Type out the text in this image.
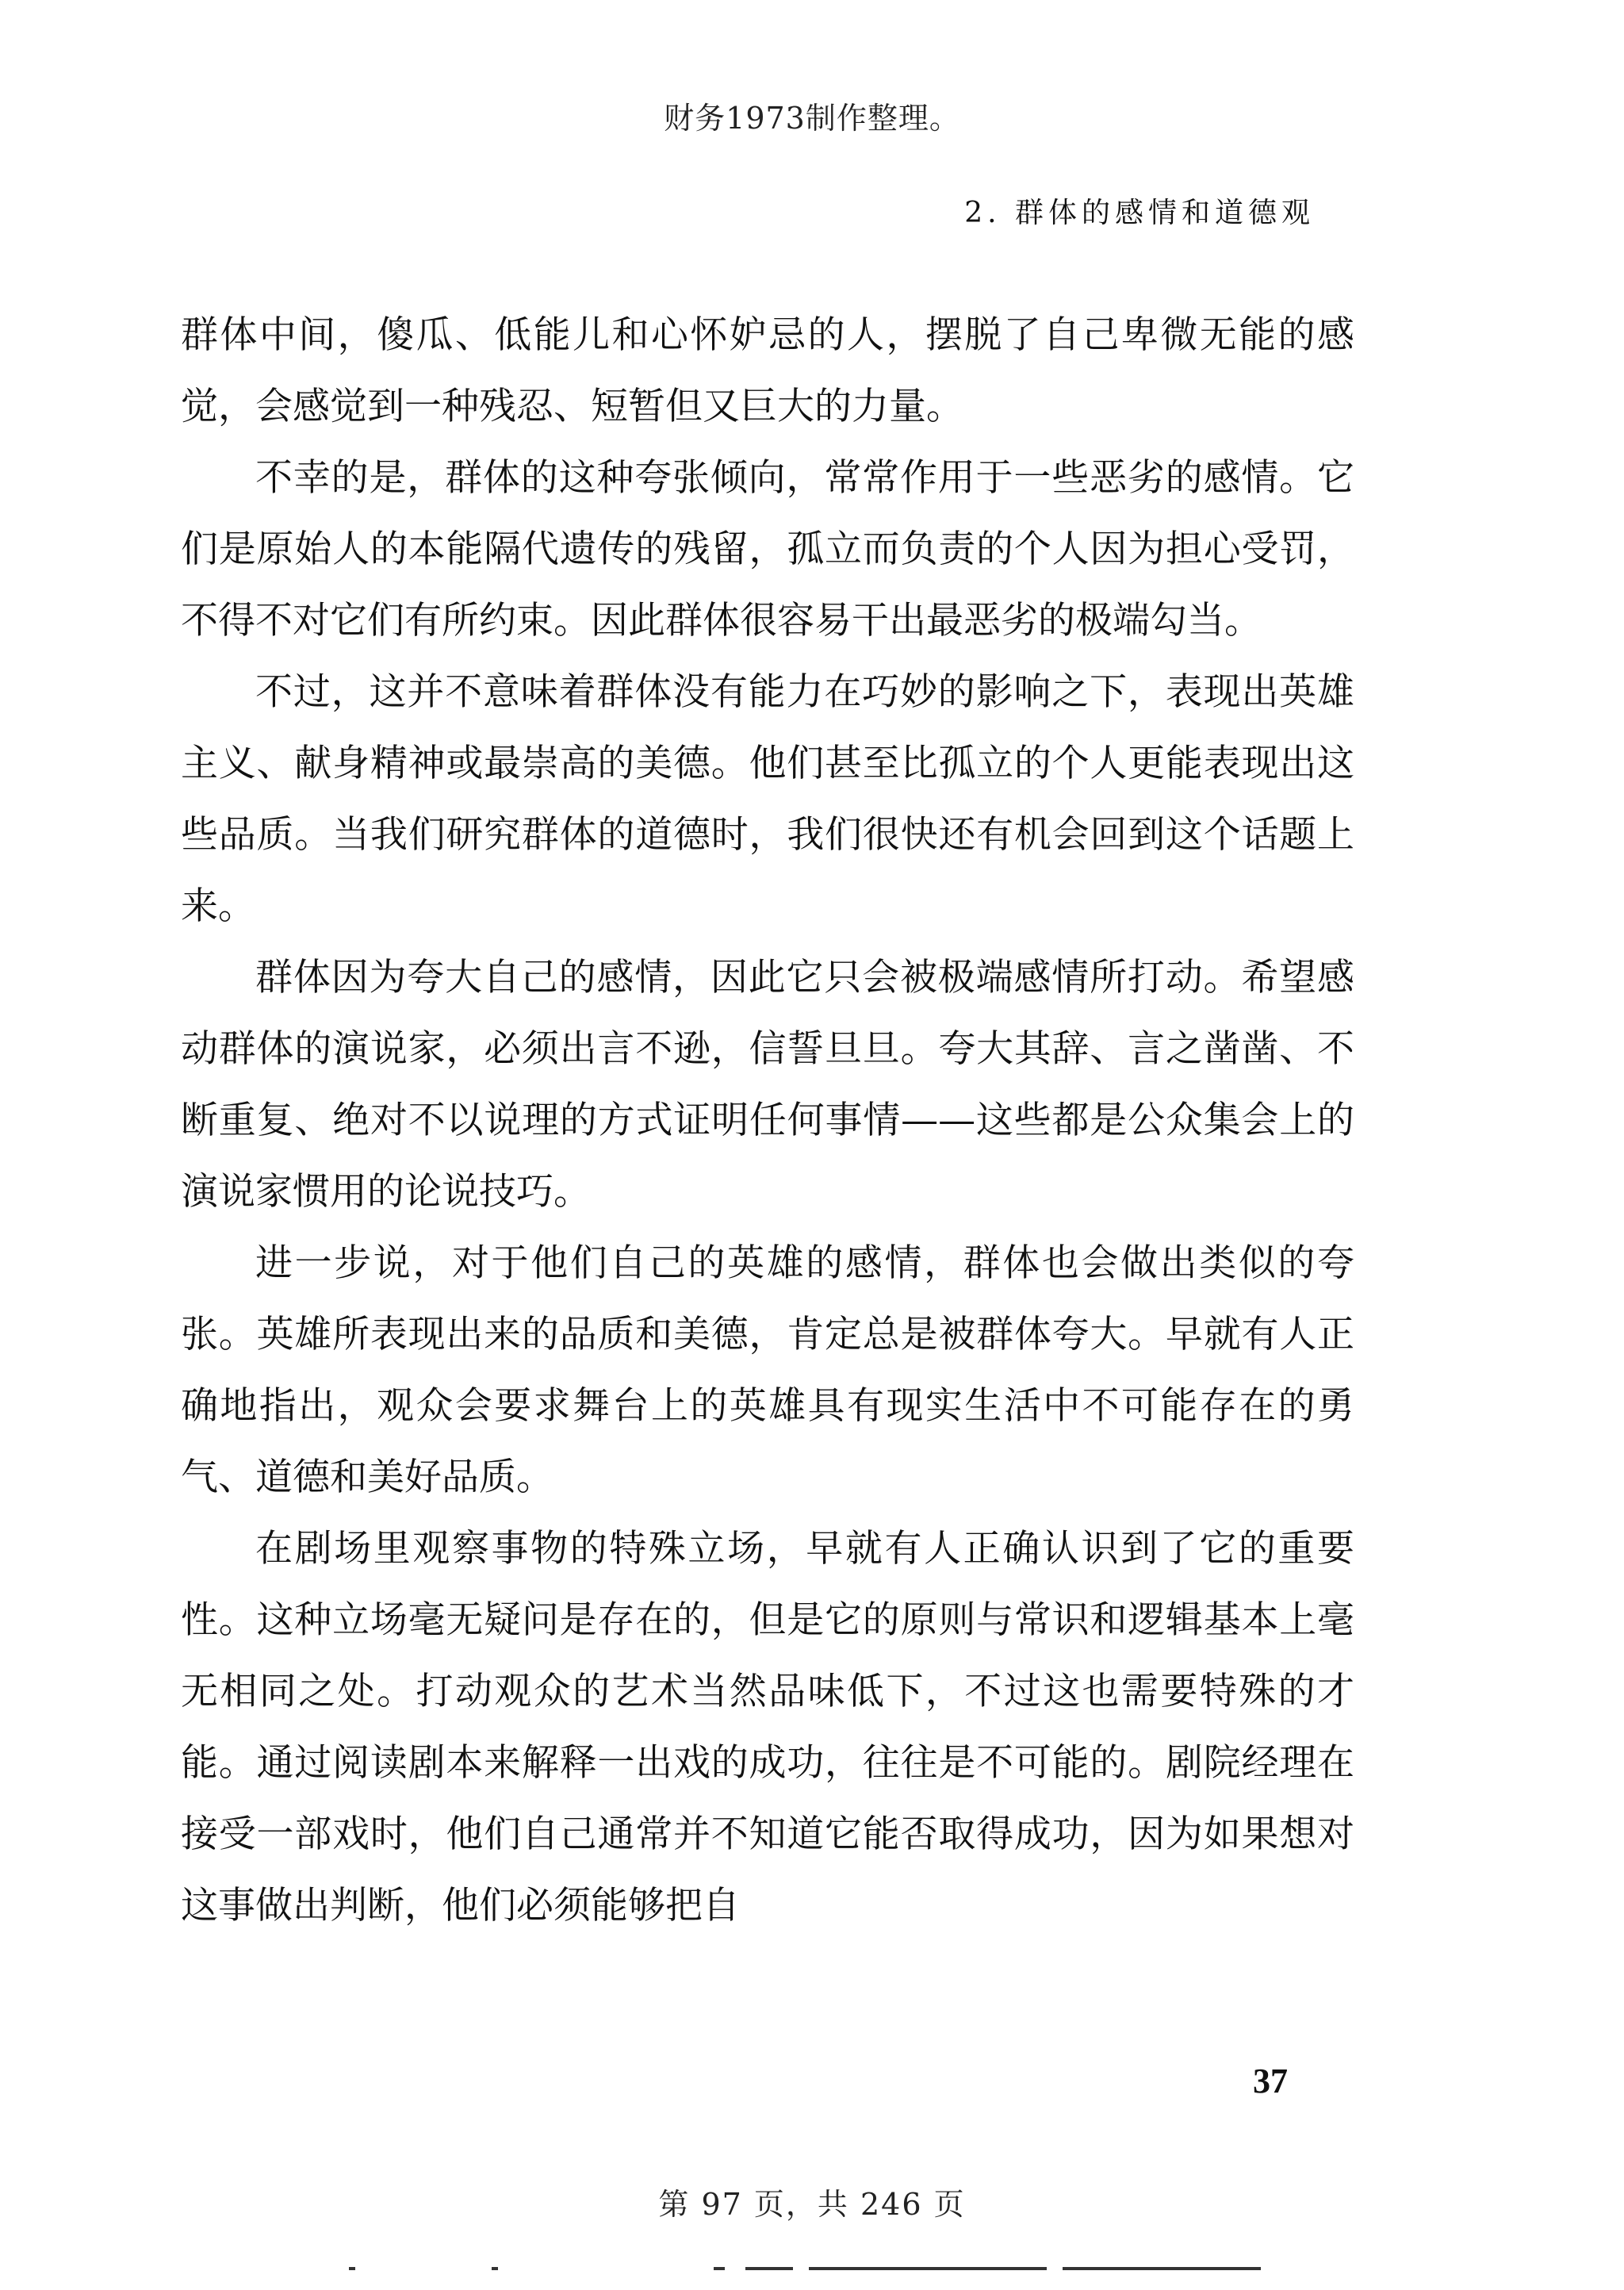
财务1973制作整理。
2. 群体的感情和道德观

群体中间，傻瓜、低能儿和心怀妒忌的人，摆脱了自己卑微无能的感觉，会感觉到一种残忍、短暂但又巨大的力量。

不幸的是，群体的这种夸张倾向，常常作用于一些恶劣的感情。它们是原始人的本能隔代遗传的残留，孤立而负责的个人因为担心受罚，不得不对它们有所约束。因此群体很容易干出最恶劣的极端勾当。

不过，这并不意味着群体没有能力在巧妙的影响之下，表现出英雄主义、献身精神或最崇高的美德。他们甚至比孤立的个人更能表现出这些品质。当我们研究群体的道德时，我们很快还有机会回到这个话题上来。

群体因为夸大自己的感情，因此它只会被极端感情所打动。希望感动群体的演说家，必须出言不逊，信誓旦旦。夸大其辞、言之凿凿、不断重复、绝对不以说理的方式证明任何事情——这些都是公众集会上的演说家惯用的论说技巧。

进一步说，对于他们自己的英雄的感情，群体也会做出类似的夸张。英雄所表现出来的品质和美德，肯定总是被群体夸大。早就有人正确地指出，观众会要求舞台上的英雄具有现实生活中不可能存在的勇气、道德和美好品质。

在剧场里观察事物的特殊立场，早就有人正确认识到了它的重要性。这种立场毫无疑问是存在的，但是它的原则与常识和逻辑基本上毫无相同之处。打动观众的艺术当然品味低下，不过这也需要特殊的才能。通过阅读剧本来解释一出戏的成功，往往是不可能的。剧院经理在接受一部戏时，他们自己通常并不知道它能否取得成功，因为如果想对这事做出判断，他们必须能够把自

37
第 97 页，共 246 页
